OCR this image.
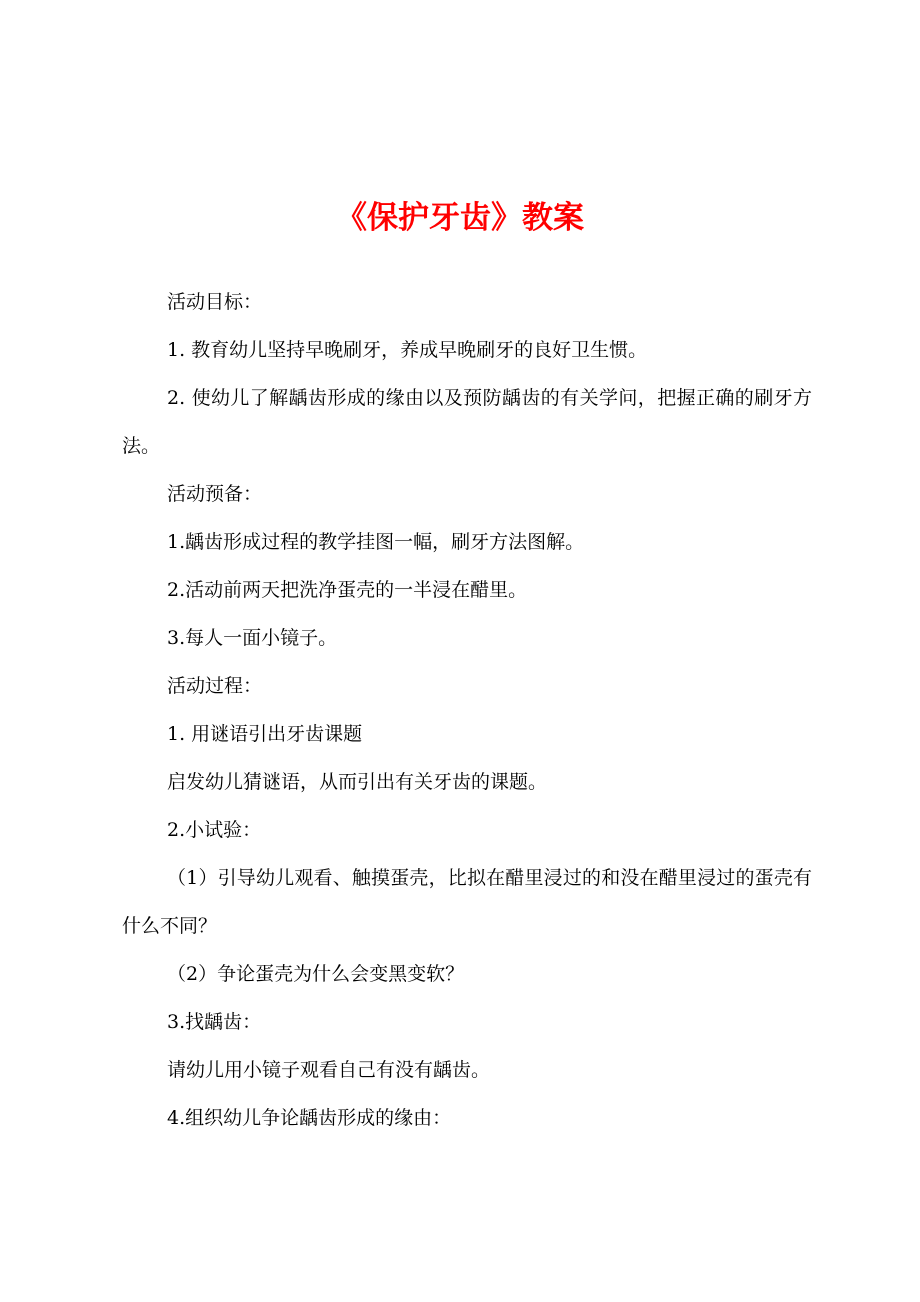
《保护牙齿》教案

活动目标：

1. 教育幼儿坚持早晚刷牙，养成早晚刷牙的良好卫生惯。

2. 使幼儿了解龋齿形成的缘由以及预防龋齿的有关学问，把握正确的刷牙方法。

活动预备：

1.龋齿形成过程的教学挂图一幅，刷牙方法图解。

2.活动前两天把洗净蛋壳的一半浸在醋里。

3.每人一面小镜子。

活动过程：

1. 用谜语引出牙齿课题

启发幼儿猜谜语，从而引出有关牙齿的课题。

2.小试验：

（1）引导幼儿观看、触摸蛋壳，比拟在醋里浸过的和没在醋里浸过的蛋壳有什么不同？

（2）争论蛋壳为什么会变黑变软？

3.找龋齿：

请幼儿用小镜子观看自己有没有龋齿。

4.组织幼儿争论龋齿形成的缘由：
